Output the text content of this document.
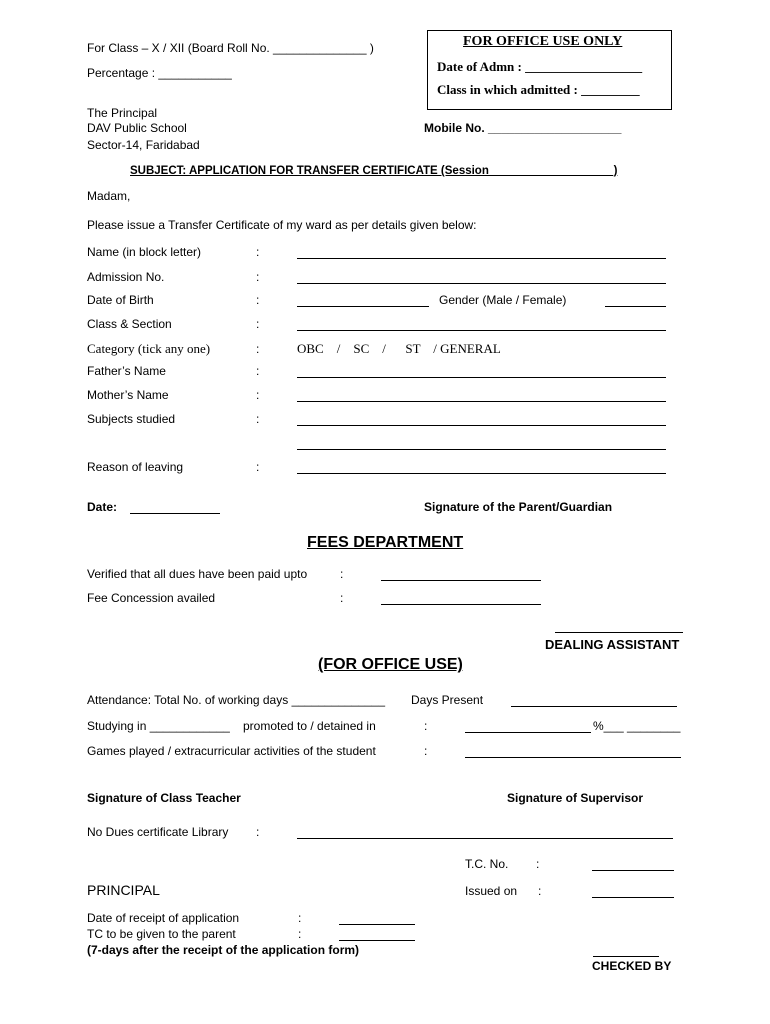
For Class – X / XII (Board Roll No. ______________ )
Percentage : ___________
FOR OFFICE USE ONLY
Date of Admn : __________________
Class in which admitted : _________
The Principal
DAV Public School
Sector-14, Faridabad
Mobile No. ____________________
SUBJECT: APPLICATION FOR TRANSFER CERTIFICATE (Session ___________________)
Madam,
Please issue a Transfer Certificate of my ward as per details given below:
Name (in block letter)	:
Admission No.	:
Date of Birth	:	Gender (Male / Female)
Class & Section	:
Category (tick any one)	:	OBC    /    SC    /      ST    / GENERAL
Father’s Name	:
Mother’s Name	:
Subjects studied	:
Reason of leaving	:
Date:	Signature of the Parent/Guardian
FEES DEPARTMENT
Verified that all dues have been paid upto	:
Fee Concession availed	:
DEALING ASSISTANT
(FOR OFFICE USE)
Attendance: Total No. of working days ______________ Days Present
Studying in ____________ promoted to / detained in	:	%___ ________
Games played / extracurricular activities of the student	:
Signature of Class Teacher	Signature of Supervisor
No Dues certificate Library :
T.C. No. :
PRINCIPAL	Issued on :
Date of receipt of application	:
TC to be given to the parent	:
(7-days after the receipt of the application form)
CHECKED BY
